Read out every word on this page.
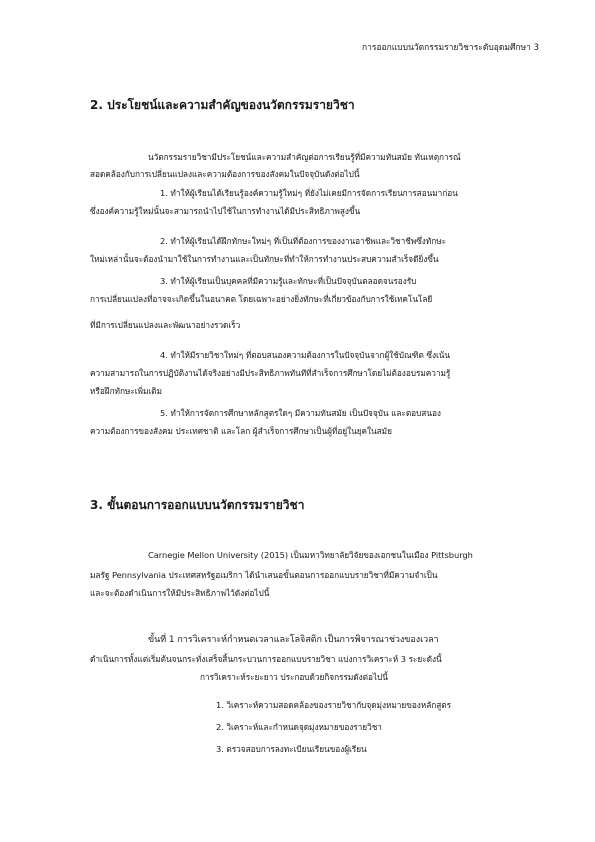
การออกแบบนวัตกรรมรายวิชาระดับอุดมศึกษา 3
2. ประโยชน์และความสำคัญของนวัตกรรมรายวิชา
นวัตกรรมรายวิชามีประโยชน์และความสำคัญต่อการเรียนรู้ที่มีความทันสมัย ทันเหตุการณ์
สอดคล้องกับการเปลี่ยนแปลงและความต้องการของสังคมในปัจจุบันดังต่อไปนี้
1. ทำให้ผู้เรียนได้เรียนรู้องค์ความรู้ใหม่ๆ ที่ยังไม่เคยมีการจัดการเรียนการสอนมาก่อน
ซึ่งองค์ความรู้ใหม่นั้นจะสามารถนำไปใช้ในการทำงานได้มีประสิทธิภาพสูงขึ้น
2. ทำให้ผู้เรียนได้ฝึกทักษะใหม่ๆ ที่เป็นที่ต้องการของงานอาชีพและวิชาชีพซึ่งทักษะ
ใหม่เหล่านั้นจะต้องนำมาใช้ในการทำงานและเป็นทักษะที่ทำให้การทำงานประสบความสำเร็จดียิ่งขึ้น
3. ทำให้ผู้เรียนเป็นบุคคลที่มีความรู้และทักษะที่เป็นปัจจุบันตลอดจนรองรับ
การเปลี่ยนแปลงที่อาจจะเกิดขึ้นในอนาคต โดยเฉพาะอย่างยิ่งทักษะที่เกี่ยวข้องกับการใช้เทคโนโลยี
ที่มีการเปลี่ยนแปลงและพัฒนาอย่างรวดเร็ว
4. ทำให้มีรายวิชาใหม่ๆ ที่ตอบสนองความต้องการในปัจจุบันจากผู้ใช้บัณฑิต ซึ่งเน้น
ความสามารถในการปฏิบัติงานได้จริงอย่างมีประสิทธิภาพทันทีที่สำเร็จการศึกษาโดยไม่ต้องอบรมความรู้
หรือฝึกทักษะเพิ่มเติม
5. ทำให้การจัดการศึกษาหลักสูตรใดๆ มีความทันสมัย เป็นปัจจุบัน และตอบสนอง
ความต้องการของสังคม ประเทศชาติ และโลก ผู้สำเร็จการศึกษาเป็นผู้ที่อยู่ในยุคในสมัย
3. ขั้นตอนการออกแบบนวัตกรรมรายวิชา
Carnegie Mellon University (2015) เป็นมหาวิทยาลัยวิจัยของเอกชนในเมือง Pittsburgh
มลรัฐ Pennsylvania ประเทศสหรัฐอเมริกา ได้นำเสนอขั้นตอนการออกแบบรายวิชาที่มีความจำเป็น
และจะต้องดำเนินการให้มีประสิทธิภาพไว้ดังต่อไปนี้
ขั้นที่ 1 การวิเคราะห์กำหนดเวลาและโลจิสติก เป็นการพิจารณาช่วงของเวลา
ดำเนินการทั้งแต่เริ่มต้นจนกระทั่งเสร็จสิ้นกระบวนการออกแบบรายวิชา แบ่งการวิเคราะห์ 3 ระยะดังนี้
การวิเคราะห์ระยะยาว ประกอบด้วยกิจกรรมดังต่อไปนี้
1. วิเคราะห์ความสอดคล้องของรายวิชากับจุดมุ่งหมายของหลักสูตร
2. วิเคราะห์และกำหนดจุดมุ่งหมายของรายวิชา
3. ตรวจสอบการลงทะเบียนเรียนของผู้เรียน
